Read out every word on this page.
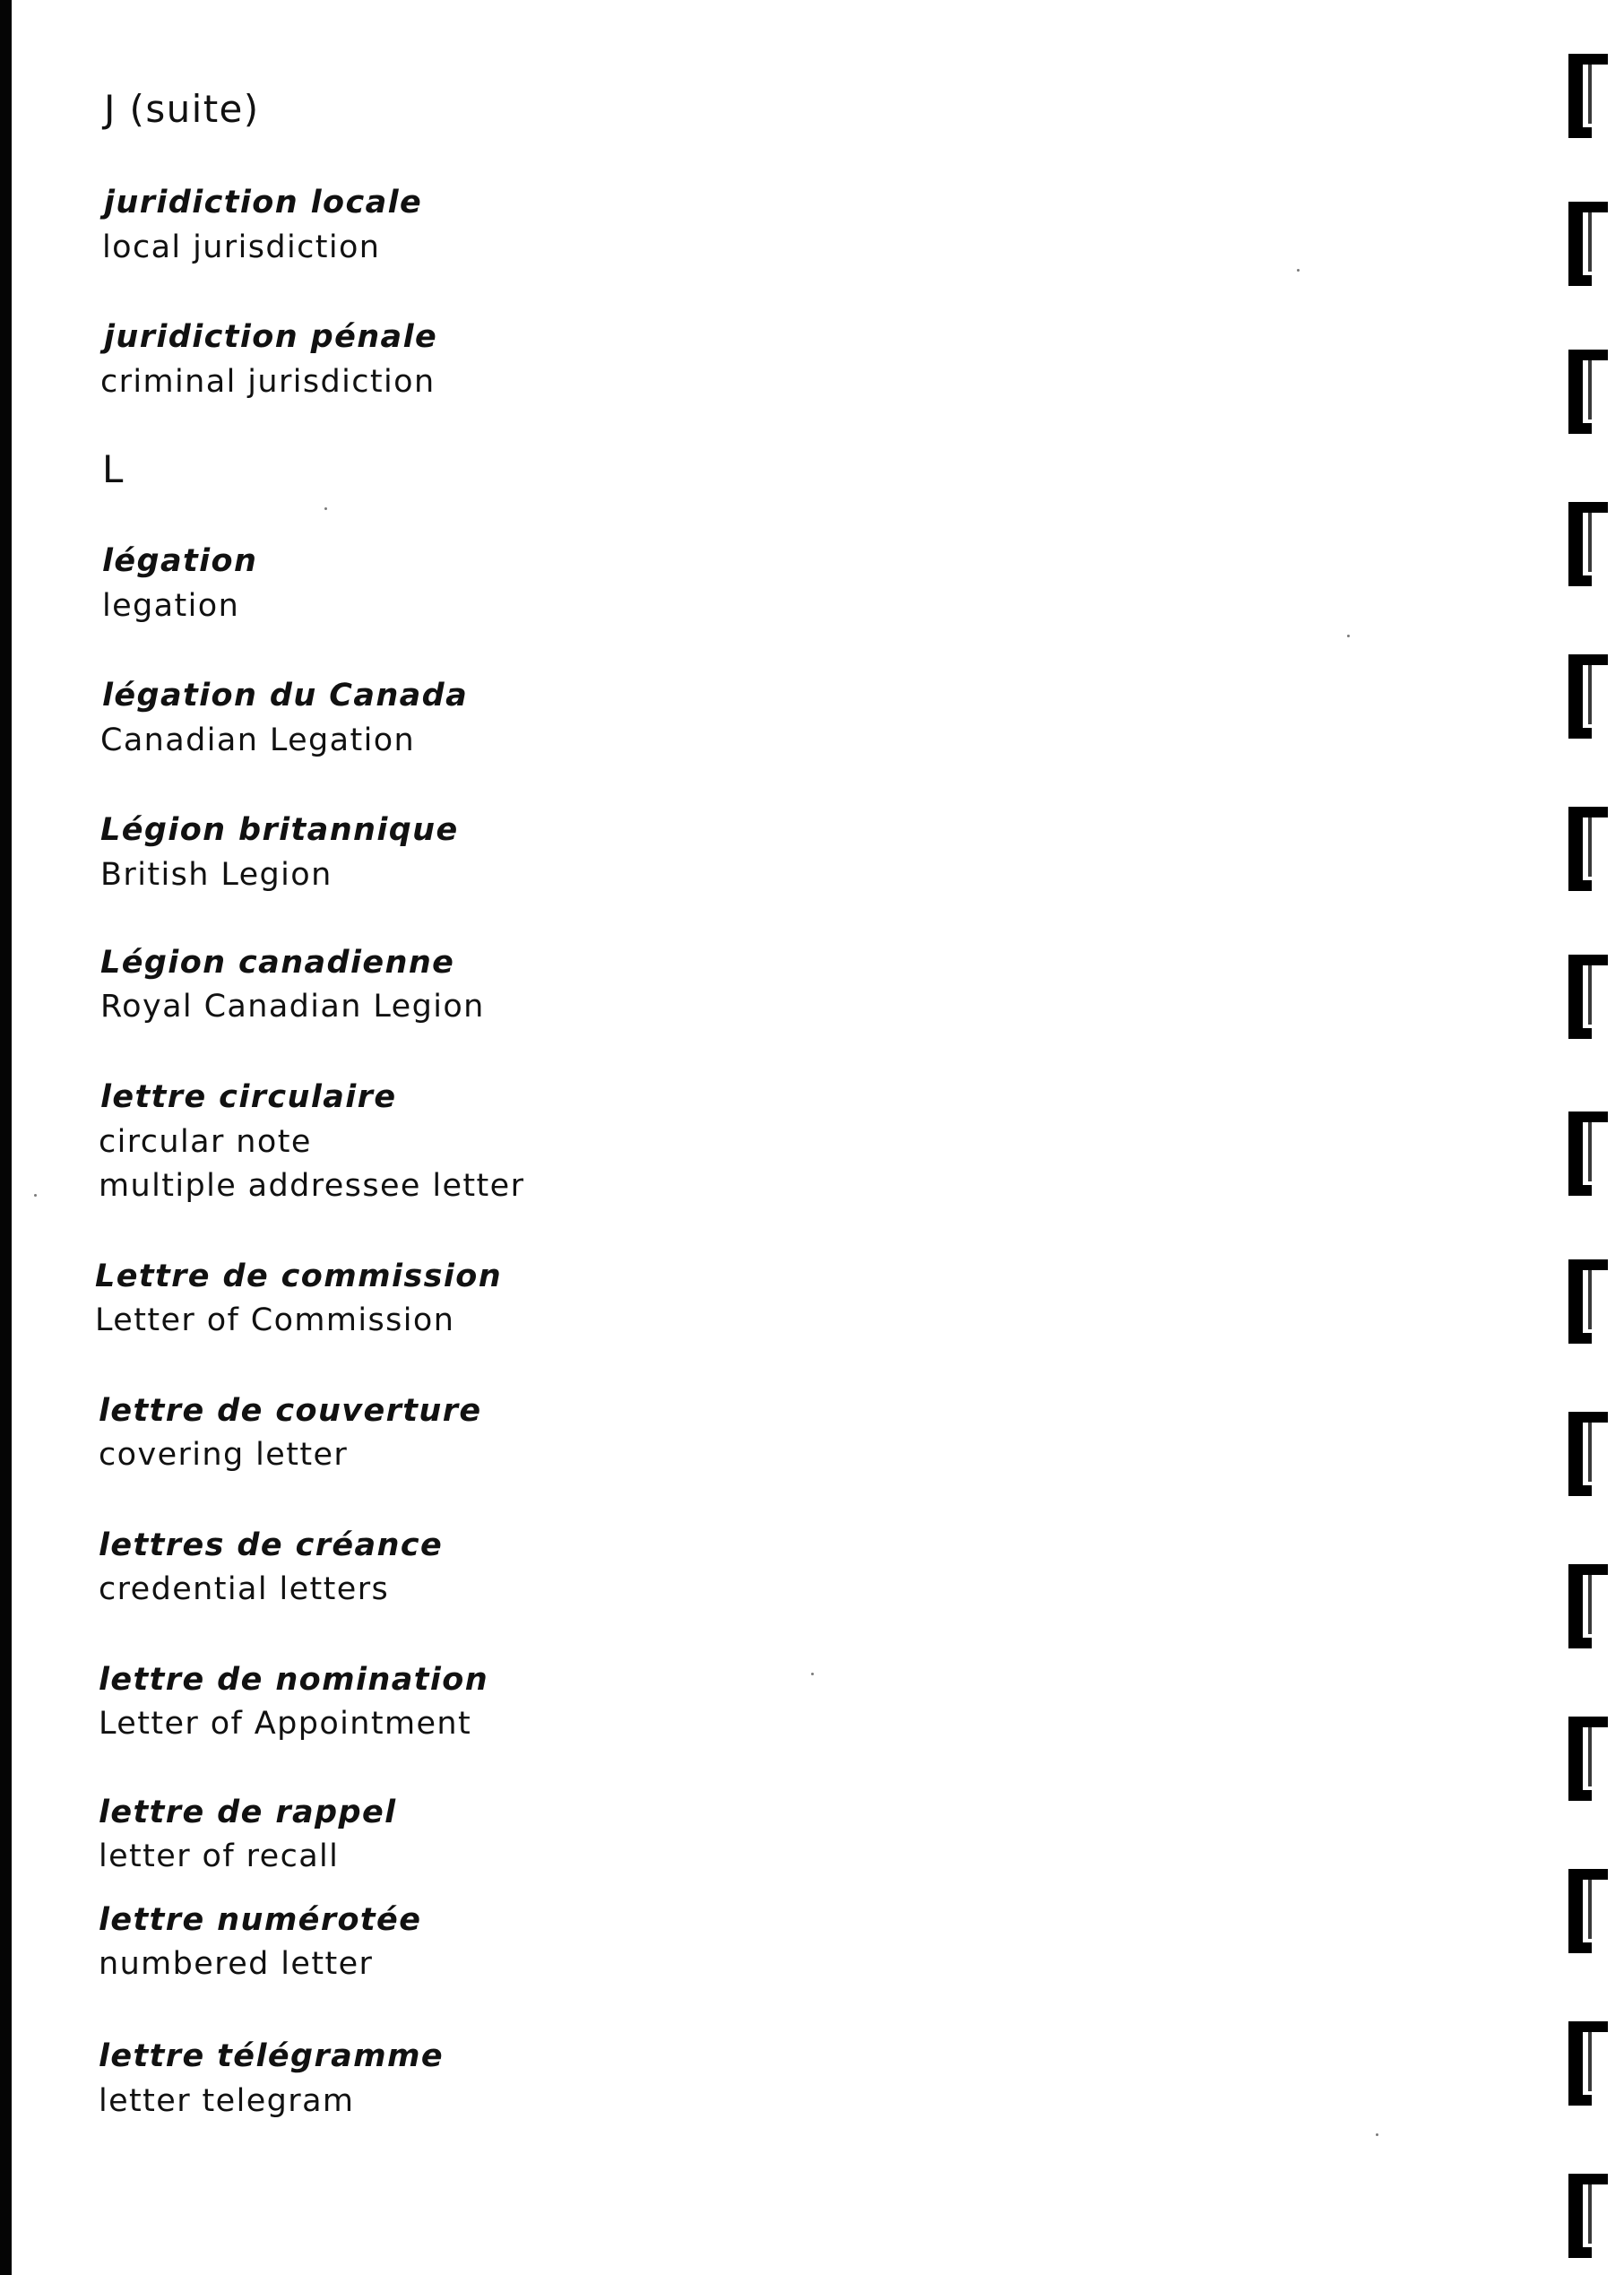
J (suite)
juridiction locale
local jurisdiction
juridiction pénale
criminal jurisdiction
L
légation
legation
légation du Canada
Canadian Legation
Légion britannique
British Legion
Légion canadienne
Royal Canadian Legion
lettre circulaire
circular note
multiple addressee letter
Lettre de commission
Letter of Commission
lettre de couverture
covering letter
lettres de créance
credential letters
lettre de nomination
Letter of Appointment
lettre de rappel
letter of recall
lettre numérotée
numbered letter
lettre télégramme
letter telegram
